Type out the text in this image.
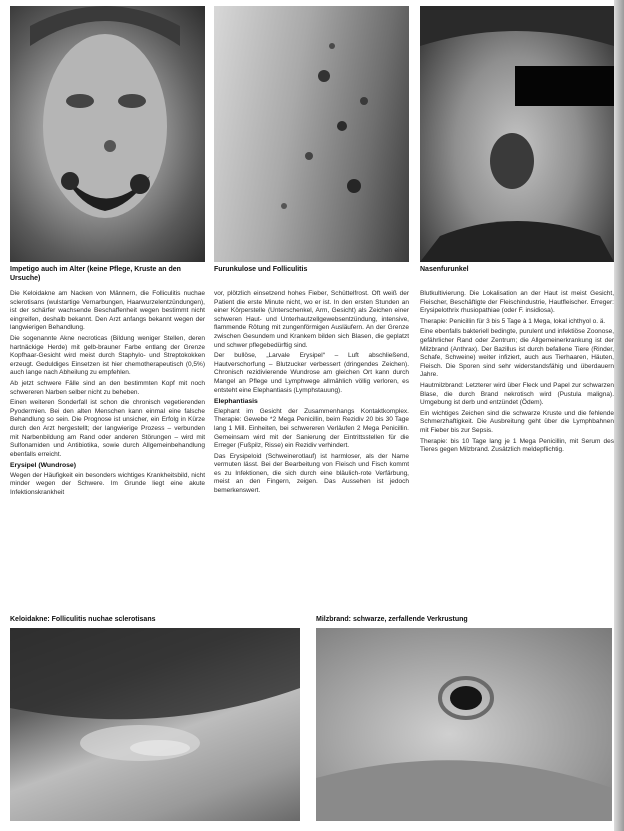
Impetigo auch im Alter (keine Pflege, Kruste an den Ursuche)
Furunkulose und Folliculitis	Nasenfurunkel

Die Keloidakne am Nacken von Männern, die Folliculitis nuchae sclerotisans (wulstartige Vernarbungen, Haarwurzelentzündungen), ist der schärfer wachsende Beschaffenheit wegen bestimmt nicht eingreifen, deshalb bekannt. Den Arzt anfangs bekannt wegen der langwierigen Behandlung.

Die sogenannte Akne necroticas (Bildung weniger Stellen, deren hartnäckige Herde) mit gelb-brauner Farbe entlang der Grenze Kopfhaar-Gesicht wird meist durch Staphylo- und Streptokokken erzeugt. Geduldiges Einsetzen ist hier chemotherapeutisch (0,5%) auch lange nach Abheilung zu empfehlen.

Ab jetzt schwere Fälle sind an den bestimmten Kopf mit noch schwereren Narben selber nicht zu beheben.

Einen weiteren Sonderfall ist schon die chronisch vegetierenden Pyodermien. Bei den alten Menschen kann einmal eine falsche Behandlung so sein. Die Prognose ist unsicher, ein Erfolg in Kürze durch den Arzt hergestellt; der langwierige Prozess – verbunden mit Narbenbildung am Rand oder anderen Störungen – wird mit Sulfonamiden und Antibiotika, sowie durch Allgemeinbehandlung ebenfalls erreicht.

Erysipel (Wundrose)

Wegen der Häufigkeit ein besonders wichtiges Krankheitsbild, nicht minder wegen der Schwere. Im Grunde liegt eine akute Infektionskrankheit

vor, plötzlich einsetzend hohes Fieber, Schüttelfrost. Oft weiß der Patient die erste Minute nicht, wo er ist. In den ersten Stunden an einer Körperstelle (Unterschenkel, Arm, Gesicht) als Zeichen einer schweren Haut- und Unterhautzellgewebsentzündung, intensive, flammende Rötung mit zungenförmigen Ausläufern. An der Grenze zwischen Gesundem und Krankem bilden sich Blasen, die geplatzt und schwer pflegebedürftig sind.

Der bullöse, „Larvale Erysipel“ – Luft abschließend, Hautverschorfung – Blutzucker verbessert (dringendes Zeichen). Chronisch rezidivierende Wundrose am gleichen Ort kann durch Mangel an Pflege und Lymphwege allmählich völlig verloren, es entsteht eine Elephantiasis (Lymphstauung).

Elephantiasis

Elephant im Gesicht der Zusammenhangs Kontaktkomplex. Therapie: Gewebe *2 Mega Penicillin, beim Rezidiv 20 bis 30 Tage lang 1 Mill. Einheiten, bei schwereren Verläufen 2 Mega Penicillin. Gemeinsam wird mit der Sanierung der Eintrittsstellen für die Erreger (Fußpilz, Risse) ein Rezidiv verhindert.

Das Erysipeloid (Schweinerotlauf) ist harmloser, als der Name vermuten lässt. Bei der Bearbeitung von Fleisch und Fisch kommt es zu Infektionen, die sich durch eine bläulich-rote Verfärbung, meist an den Fingern, zeigen. Das Aussehen ist jedoch bemerkenswert.

Blutkultivierung. Die Lokalisation an der Haut ist meist Gesicht, Fleischer, Beschäftigte der Fleischindustrie, Hautfleischer. Erreger: Erysipelothrix rhusiopathiae (oder F. insidiosa).

Therapie: Penicillin für 3 bis 5 Tage à 1 Mega, lokal ichthyol o. ä.

Eine ebenfalls bakteriell bedingte, purulent und infektiöse Zoonose, gefährlicher Rand oder Zentrum; die Allgemeinerkrankung ist der Milzbrand (Anthrax). Der Bazillus ist durch befallene Tiere (Rinder, Schafe, Schweine) weiter infiziert, auch aus Tierhaaren, Häuten, Fleisch. Die Sporen sind sehr widerstandsfähig und überdauern Jahre.

Hautmilzbrand: Letzterer wird über Fleck und Papel zur schwarzen Blase, die durch Brand nekrotisch wird (Pustula maligna). Umgebung ist derb und entzündet (Ödem).

Ein wichtiges Zeichen sind die schwarze Kruste und die fehlende Schmerzhaftigkeit. Die Ausbreitung geht über die Lymphbahnen mit Fieber bis zur Sepsis.

Therapie: bis 10 Tage lang je 1 Mega Penicillin, mit Serum des Tieres gegen Milzbrand. Zusätzlich meldepflichtig.

Keloidakne: Folliculitis nuchae sclerotisans	Milzbrand: schwarze, zerfallende Verkrustung
